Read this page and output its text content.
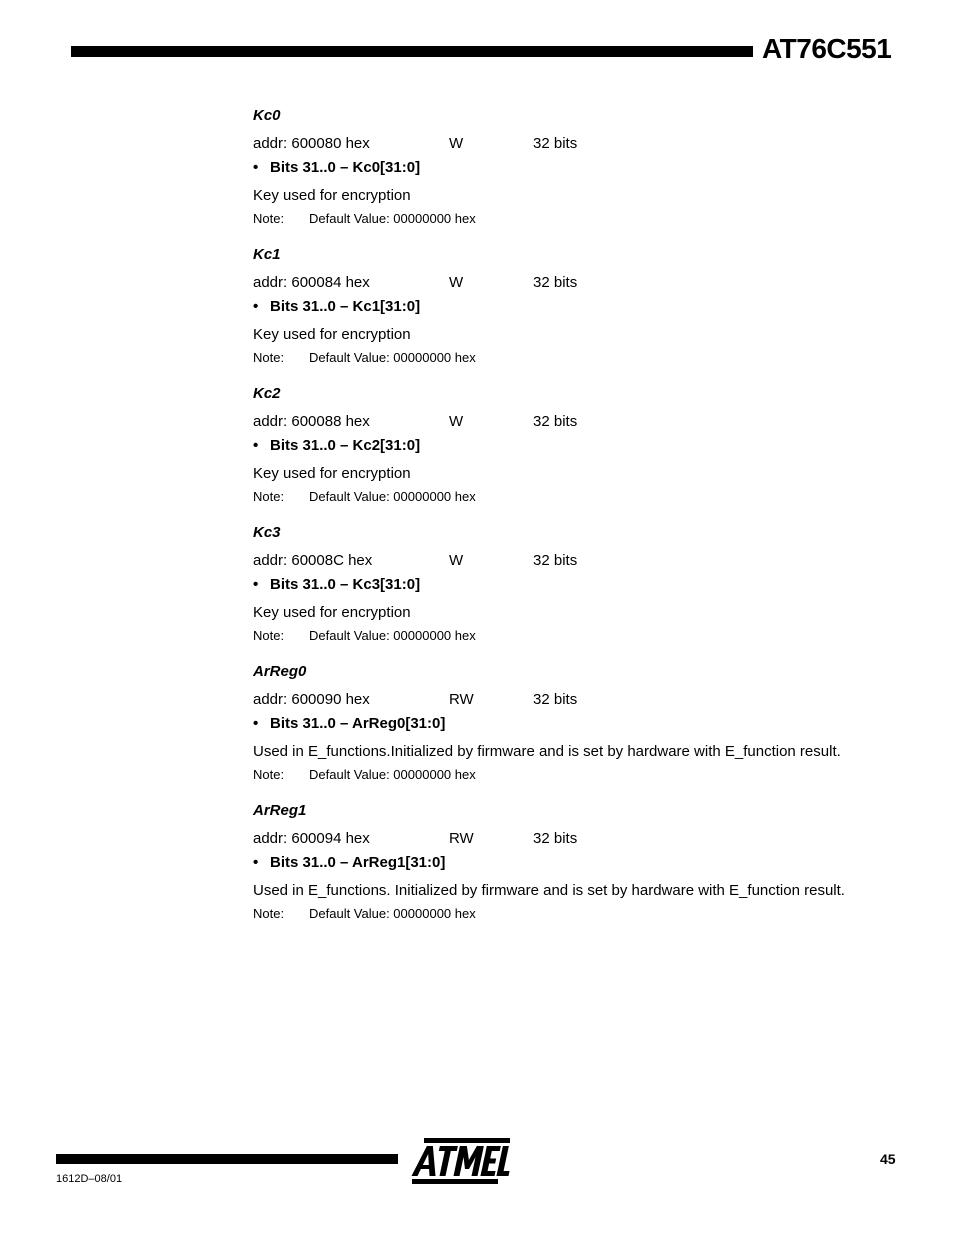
AT76C551
Kc0
addr: 600080 hex	W	32 bits
• Bits 31..0 – Kc0[31:0]
Key used for encryption
Note: Default Value: 00000000 hex
Kc1
addr: 600084 hex	W	32 bits
• Bits 31..0 – Kc1[31:0]
Key used for encryption
Note: Default Value: 00000000 hex
Kc2
addr: 600088 hex	W	32 bits
• Bits 31..0 – Kc2[31:0]
Key used for encryption
Note: Default Value: 00000000 hex
Kc3
addr: 60008C hex	W	32 bits
• Bits 31..0 – Kc3[31:0]
Key used for encryption
Note: Default Value: 00000000 hex
ArReg0
addr: 600090 hex	RW	32 bits
• Bits 31..0 – ArReg0[31:0]
Used in E_functions.Initialized by firmware and is set by hardware with E_function result.
Note: Default Value: 00000000 hex
ArReg1
addr: 600094 hex	RW	32 bits
• Bits 31..0 – ArReg1[31:0]
Used in E_functions. Initialized by firmware and is set by hardware with E_function result.
Note: Default Value: 00000000 hex
45
1612D–08/01
